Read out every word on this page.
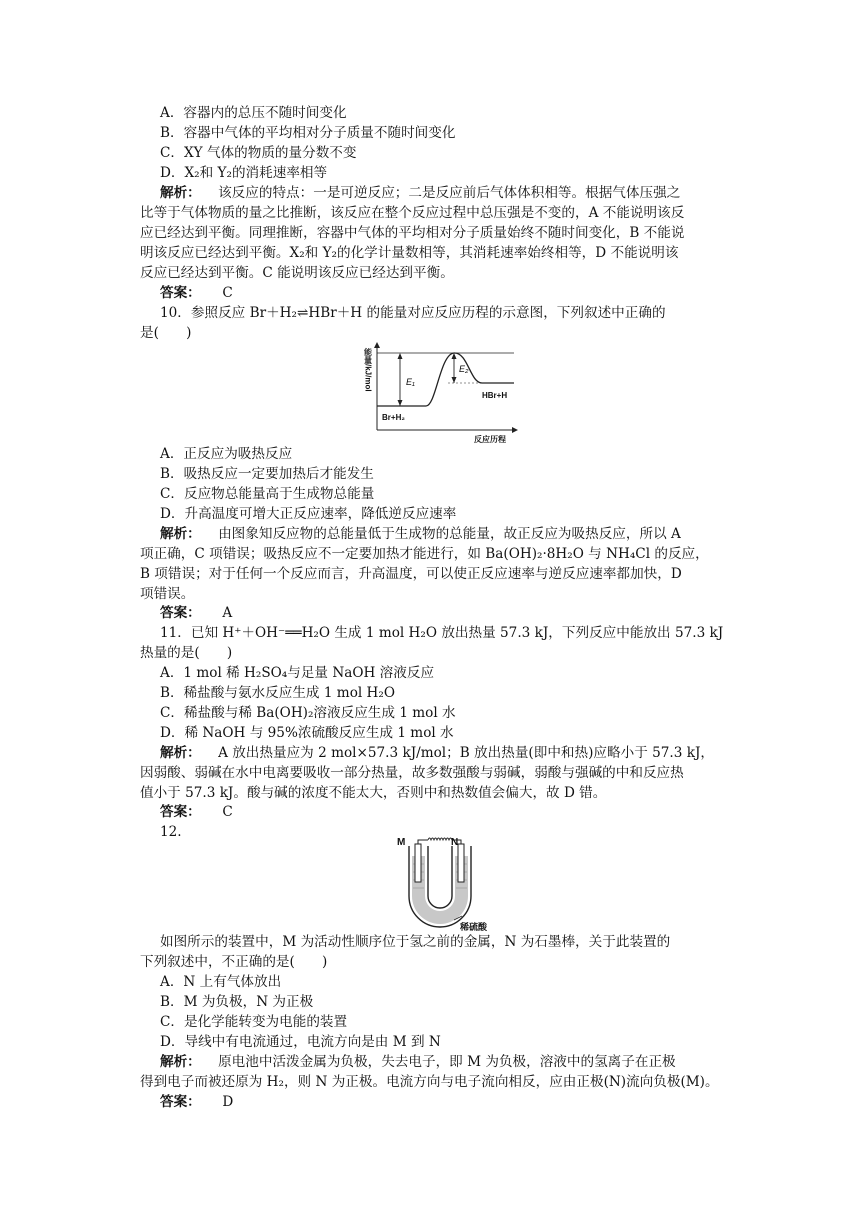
A．容器内的总压不随时间变化
B．容器中气体的平均相对分子质量不随时间变化
C．XY 气体的物质的量分数不变
D．X₂和 Y₂的消耗速率相等
解析： 该反应的特点：一是可逆反应；二是反应前后气体体积相等。根据气体压强之
比等于气体物质的量之比推断，该反应在整个反应过程中总压强是不变的，A 不能说明该反
应已经达到平衡。同理推断，容器中气体的平均相对分子质量始终不随时间变化，B 不能说
明该反应已经达到平衡。X₂和 Y₂的化学计量数相等，其消耗速率始终相等，D 不能说明该
反应已经达到平衡。C 能说明该反应已经达到平衡。
答案： C
10．参照反应 Br＋H₂⇌HBr＋H 的能量对应反应历程的示意图，下列叙述中正确的
是(　　)
能量/kJ/mol	E₁
E₂
HBr+H
Br+H₂
反应历程
A．正反应为吸热反应
B．吸热反应一定要加热后才能发生
C．反应物总能量高于生成物总能量
D．升高温度可增大正反应速率，降低逆反应速率
解析： 由图象知反应物的总能量低于生成物的总能量，故正反应为吸热反应，所以 A
项正确，C 项错误；吸热反应不一定要加热才能进行，如 Ba(OH)₂·8H₂O 与 NH₄Cl 的反应，
B 项错误；对于任何一个反应而言，升高温度，可以使正反应速率与逆反应速率都加快，D
项错误。
答案： A
11．已知 H⁺＋OH⁻══H₂O 生成 1 mol H₂O 放出热量 57.3 kJ，下列反应中能放出 57.3 kJ
热量的是(　　)
A．1 mol 稀 H₂SO₄与足量 NaOH 溶液反应
B．稀盐酸与氨水反应生成 1 mol H₂O
C．稀盐酸与稀 Ba(OH)₂溶液反应生成 1 mol 水
D．稀 NaOH 与 95%浓硫酸反应生成 1 mol 水
解析： A 放出热量应为 2 mol×57.3 kJ/mol；B 放出热量(即中和热)应略小于 57.3 kJ，
因弱酸、弱碱在水中电离要吸收一部分热量，故多数强酸与弱碱，弱酸与强碱的中和反应热
值小于 57.3 kJ。酸与碱的浓度不能太大，否则中和热数值会偏大，故 D 错。
答案： C
12.
M	N
稀硫酸
如图所示的装置中，M 为活动性顺序位于氢之前的金属，N 为石墨棒，关于此装置的
下列叙述中，不正确的是(　　)
A．N 上有气体放出
B．M 为负极，N 为正极
C．是化学能转变为电能的装置
D．导线中有电流通过，电流方向是由 M 到 N
解析： 原电池中活泼金属为负极，失去电子，即 M 为负极，溶液中的氢离子在正极
得到电子而被还原为 H₂，则 N 为正极。电流方向与电子流向相反，应由正极(N)流向负极(M)。
答案： D
